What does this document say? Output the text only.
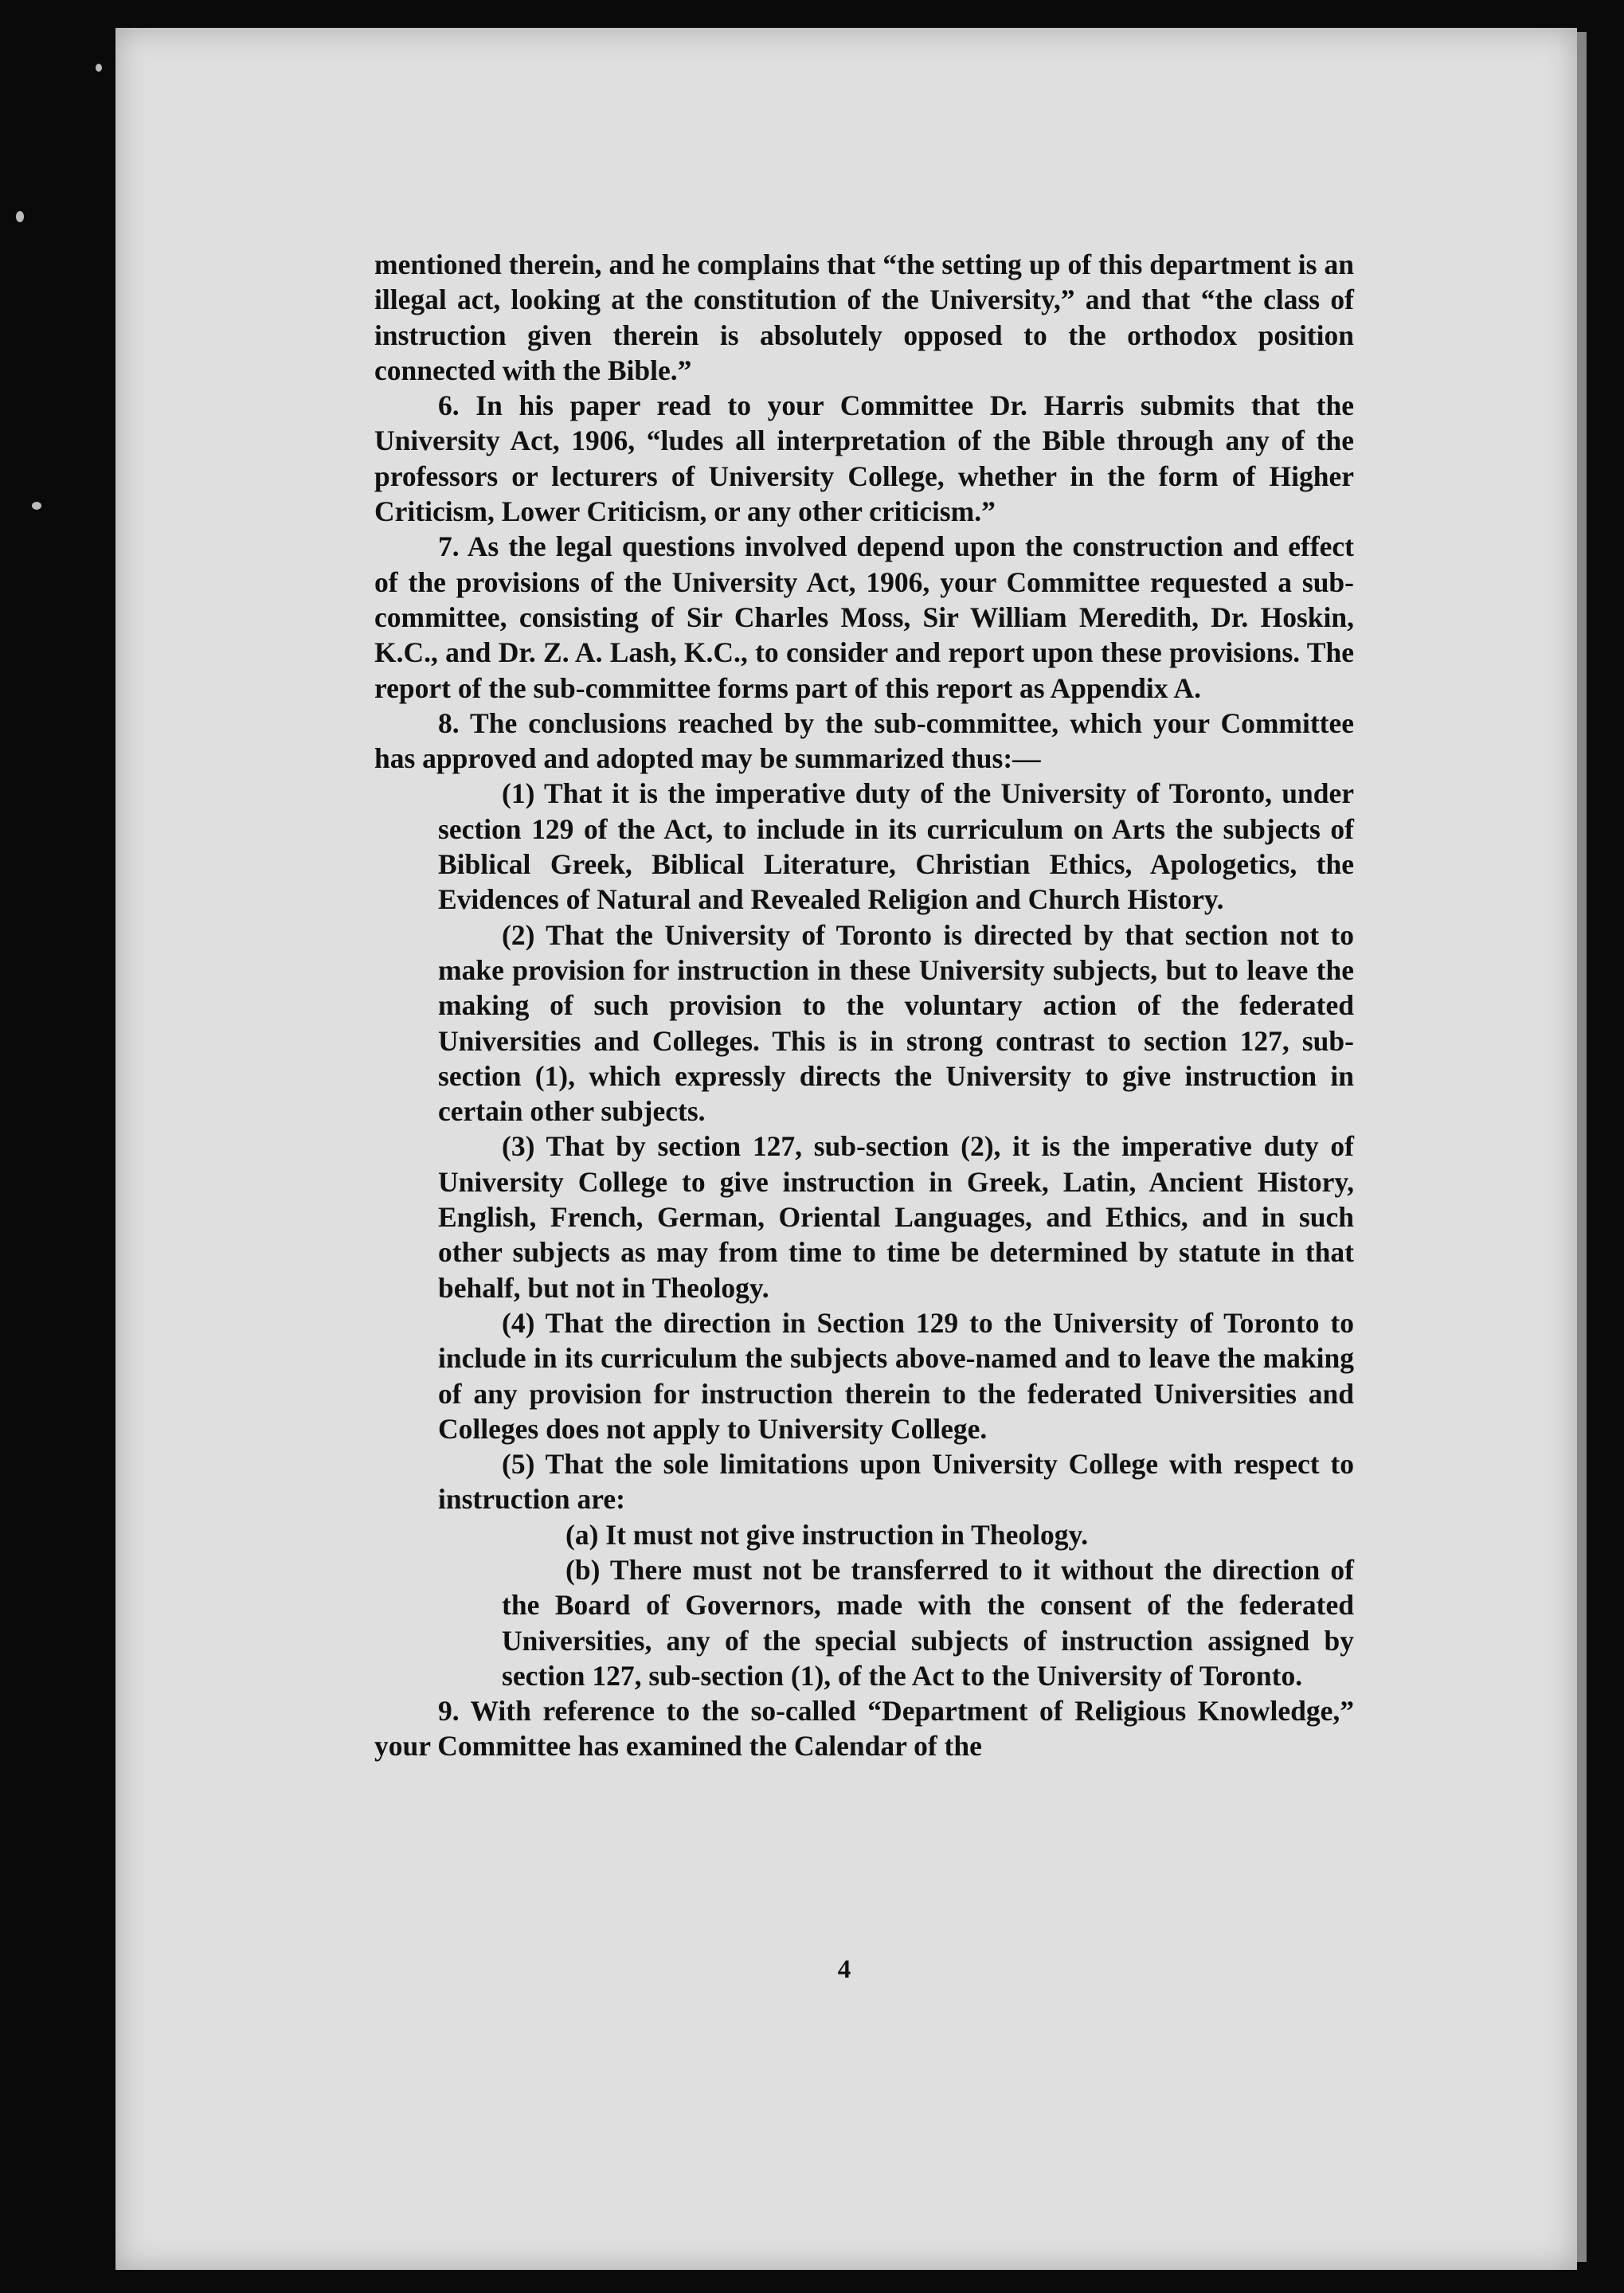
mentioned therein, and he complains that “the setting up of this department is an illegal act, looking at the constitution of the University,” and that “the class of instruction given therein is absolutely opposed to the orthodox position connected with the Bible.”

6. In his paper read to your Committee Dr. Harris submits that the University Act, 1906, “ludes all interpretation of the Bible through any of the professors or lecturers of University College, whether in the form of Higher Criticism, Lower Criticism, or any other criticism.”

7. As the legal questions involved depend upon the construction and effect of the provisions of the University Act, 1906, your Committee requested a sub-committee, consisting of Sir Charles Moss, Sir William Meredith, Dr. Hoskin, K.C., and Dr. Z. A. Lash, K.C., to consider and report upon these provisions. The report of the sub-committee forms part of this report as Appendix A.

8. The conclusions reached by the sub-committee, which your Committee has approved and adopted may be summarized thus:—

(1) That it is the imperative duty of the University of Toronto, under section 129 of the Act, to include in its curriculum on Arts the subjects of Biblical Greek, Biblical Literature, Christian Ethics, Apologetics, the Evidences of Natural and Revealed Religion and Church History.

(2) That the University of Toronto is directed by that section not to make provision for instruction in these University subjects, but to leave the making of such provision to the voluntary action of the federated Universities and Colleges. This is in strong contrast to section 127, sub-section (1), which expressly directs the University to give instruction in certain other subjects.

(3) That by section 127, sub-section (2), it is the imperative duty of University College to give instruction in Greek, Latin, Ancient History, English, French, German, Oriental Languages, and Ethics, and in such other subjects as may from time to time be determined by statute in that behalf, but not in Theology.

(4) That the direction in Section 129 to the University of Toronto to include in its curriculum the subjects above-named and to leave the making of any provision for instruction therein to the federated Universities and Colleges does not apply to University College.

(5) That the sole limitations upon University College with respect to instruction are:

(a) It must not give instruction in Theology.

(b) There must not be transferred to it without the direction of the Board of Governors, made with the consent of the federated Universities, any of the special subjects of instruction assigned by section 127, sub-section (1), of the Act to the University of Toronto.

9. With reference to the so-called “Department of Religious Knowledge,” your Committee has examined the Calendar of the

4
